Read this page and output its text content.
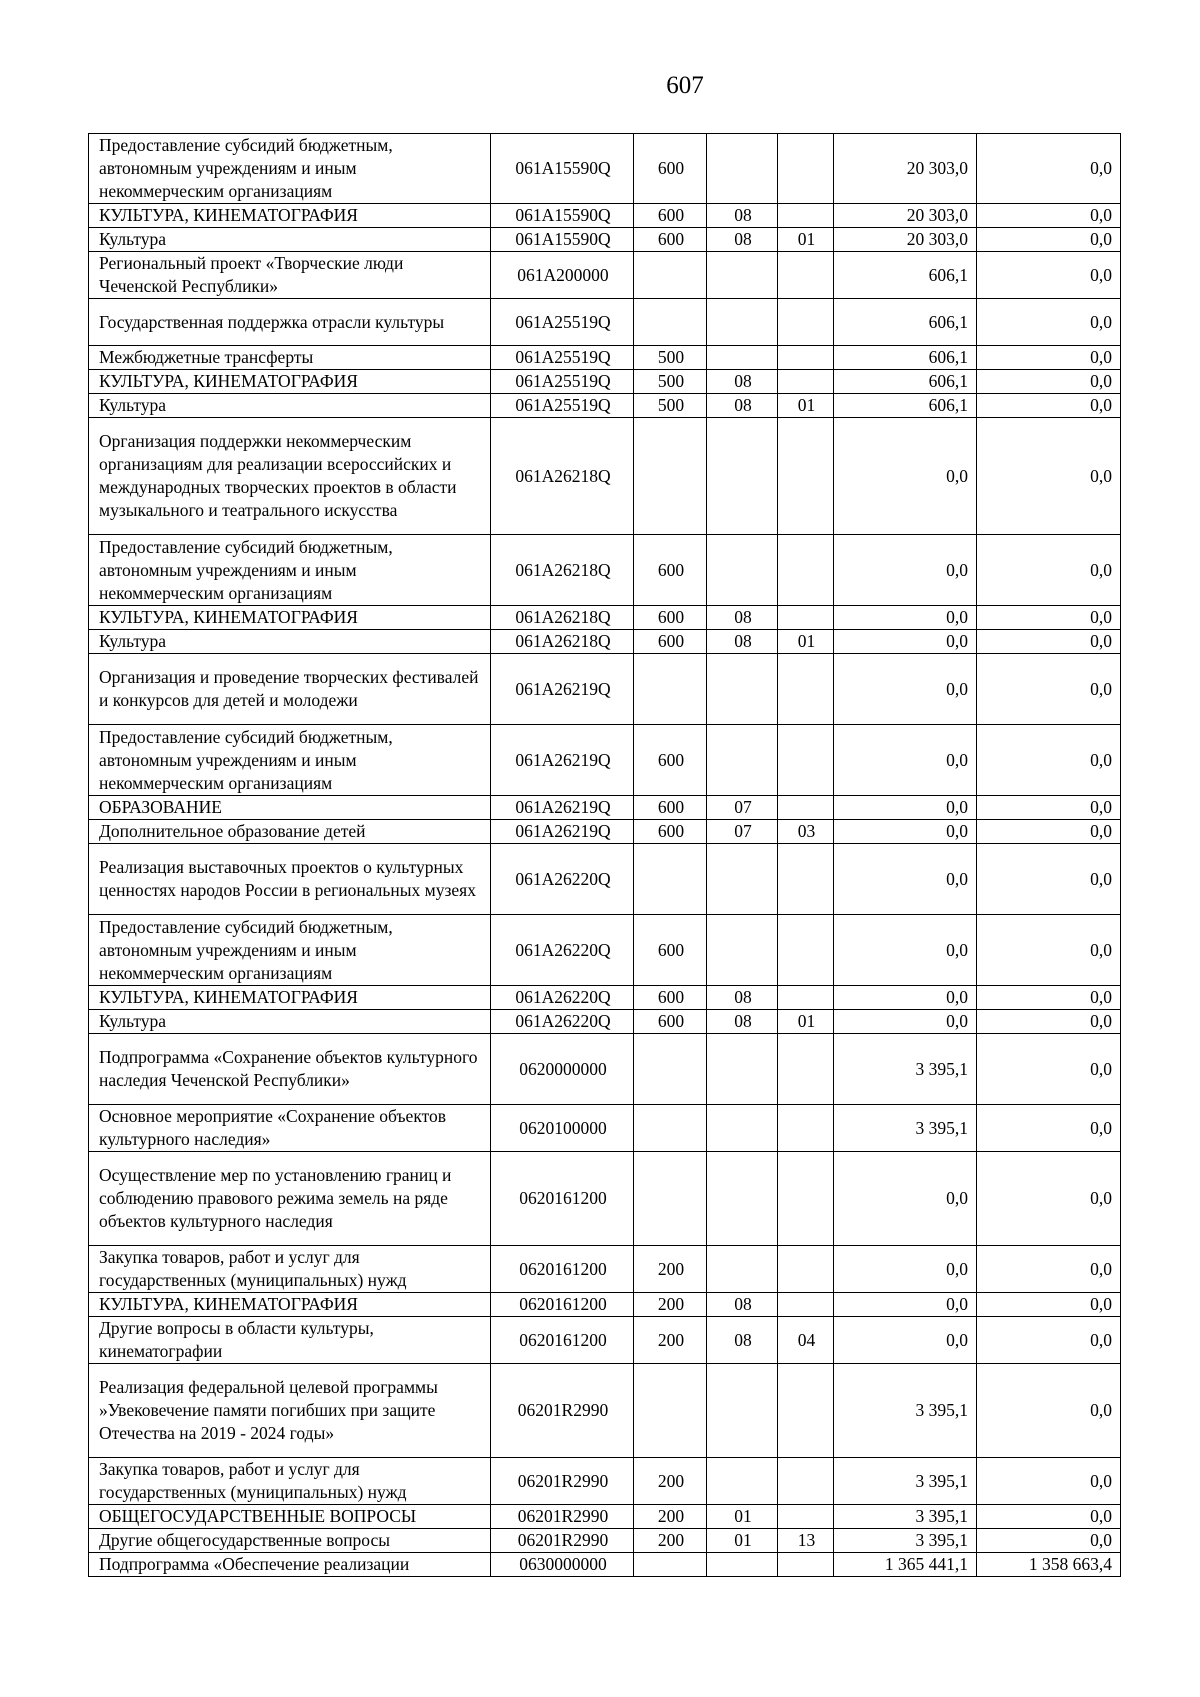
607
Предоставление субсидий бюджетным, автономным учреждениям и иным некоммерческим организациям	061A15590Q	600			20 303,0	0,0
КУЛЬТУРА, КИНЕМАТОГРАФИЯ	061A15590Q	600	08		20 303,0	0,0
Культура	061A15590Q	600	08	01	20 303,0	0,0
Региональный проект «Творческие люди Чеченской Республики»	061A200000				606,1	0,0
Государственная поддержка отрасли культуры	061A25519Q				606,1	0,0
Межбюджетные трансферты	061A25519Q	500			606,1	0,0
КУЛЬТУРА, КИНЕМАТОГРАФИЯ	061A25519Q	500	08		606,1	0,0
Культура	061A25519Q	500	08	01	606,1	0,0
Организация поддержки некоммерческим организациям для реализации всероссийских и международных творческих проектов в области музыкального и театрального искусства	061A26218Q				0,0	0,0
Предоставление субсидий бюджетным, автономным учреждениям и иным некоммерческим организациям	061A26218Q	600			0,0	0,0
КУЛЬТУРА, КИНЕМАТОГРАФИЯ	061A26218Q	600	08		0,0	0,0
Культура	061A26218Q	600	08	01	0,0	0,0
Организация и проведение творческих фестивалей и конкурсов для детей и молодежи	061A26219Q				0,0	0,0
Предоставление субсидий бюджетным, автономным учреждениям и иным некоммерческим организациям	061A26219Q	600			0,0	0,0
ОБРАЗОВАНИЕ	061A26219Q	600	07		0,0	0,0
Дополнительное образование детей	061A26219Q	600	07	03	0,0	0,0
Реализация выставочных проектов о культурных ценностях народов России в региональных музеях	061A26220Q				0,0	0,0
Предоставление субсидий бюджетным, автономным учреждениям и иным некоммерческим организациям	061A26220Q	600			0,0	0,0
КУЛЬТУРА, КИНЕМАТОГРАФИЯ	061A26220Q	600	08		0,0	0,0
Культура	061A26220Q	600	08	01	0,0	0,0
Подпрограмма «Сохранение объектов культурного наследия Чеченской Республики»	0620000000				3 395,1	0,0
Основное мероприятие «Сохранение объектов культурного наследия»	0620100000				3 395,1	0,0
Осуществление мер по установлению границ и соблюдению правового режима земель на ряде объектов культурного наследия	0620161200				0,0	0,0
Закупка товаров, работ и услуг для государственных (муниципальных) нужд	0620161200	200			0,0	0,0
КУЛЬТУРА, КИНЕМАТОГРАФИЯ	0620161200	200	08		0,0	0,0
Другие вопросы в области культуры, кинематографии	0620161200	200	08	04	0,0	0,0
Реализация федеральной целевой программы »Увековечение памяти погибших при защите Отечества на 2019 - 2024 годы»	06201R2990				3 395,1	0,0
Закупка товаров, работ и услуг для государственных (муниципальных) нужд	06201R2990	200			3 395,1	0,0
ОБЩЕГОСУДАРСТВЕННЫЕ ВОПРОСЫ	06201R2990	200	01		3 395,1	0,0
Другие общегосударственные вопросы	06201R2990	200	01	13	3 395,1	0,0
Подпрограмма «Обеспечение реализации	0630000000				1 365 441,1	1 358 663,4
